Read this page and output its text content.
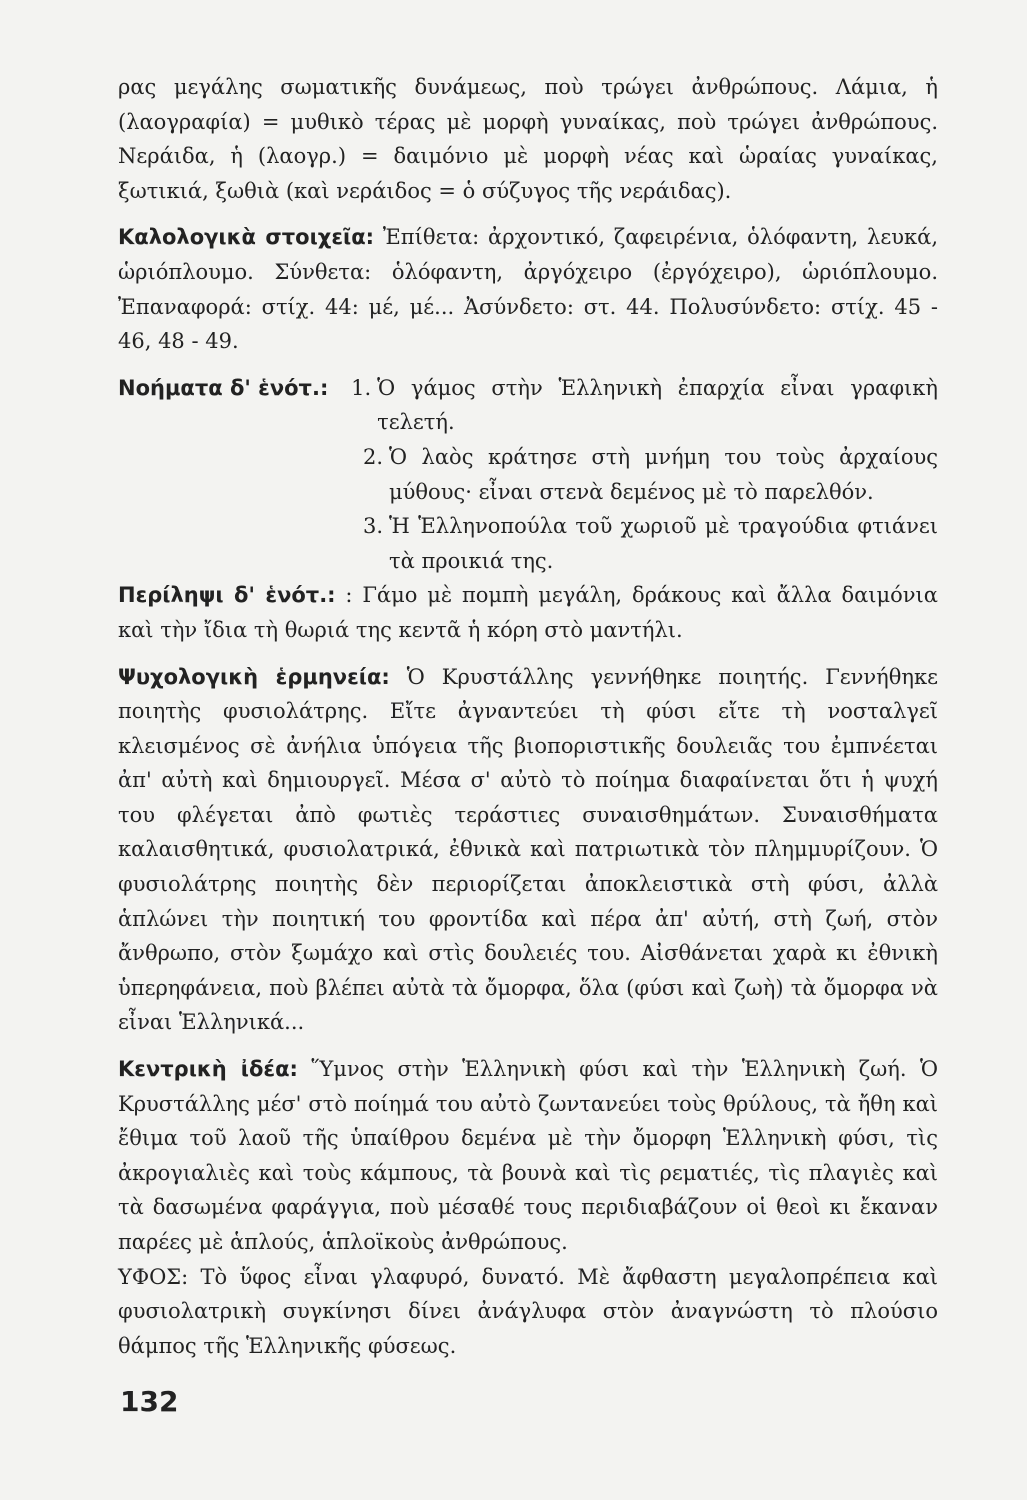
ρας μεγάλης σωματικῆς δυνάμεως, ποὺ τρώγει ἀνθρώπους. Λάμια, ἡ (λαογραφία) = μυθικὸ τέρας μὲ μορφὴ γυναίκας, ποὺ τρώγει ἀνθρώπους. Νεράιδα, ἡ (λαογρ.) = δαιμόνιο μὲ μορφὴ νέας καὶ ὡραίας γυναίκας, ξωτικιά, ξωθιὰ (καὶ νεράιδος = ὁ σύζυγος τῆς νεράιδας).

Καλολογικὰ στοιχεῖα: Ἐπίθετα: ἀρχοντικό, ζαφειρένια, ὁλόφαντη, λευκά, ὡριόπλουμο. Σύνθετα: ὁλόφαντη, ἀργόχειρο (ἐργόχειρο), ὡριόπλουμο. Ἐπαναφορά: στίχ. 44: μέ, μέ... Ἀσύνδετο: στ. 44. Πολυσύνδετο: στίχ. 45 - 46, 48 - 49.

Νοήματα δ' ἑνότ.:	1. Ὁ γάμος στὴν Ἑλληνικὴ ἐπαρχία εἶναι γραφικὴ τελετή.
2. Ὁ λαὸς κράτησε στὴ μνήμη του τοὺς ἀρχαίους μύθους· εἶναι στενὰ δεμένος μὲ τὸ παρελθόν.
3. Ἡ Ἑλληνοπούλα τοῦ χωριοῦ μὲ τραγούδια φτιάνει τὰ προικιά της.

Περίληψι δ' ἑνότ.: : Γάμο μὲ πομπὴ μεγάλη, δράκους καὶ ἄλλα δαιμόνια καὶ τὴν ἴδια τὴ θωριά της κεντᾶ ἡ κόρη στὸ μαντήλι.

Ψυχολογικὴ ἑρμηνεία: Ὁ Κρυστάλλης γεννήθηκε ποιητής. Γεννήθηκε ποιητὴς φυσιολάτρης. Εἴτε ἀγναντεύει τὴ φύσι εἴτε τὴ νοσταλγεῖ κλεισμένος σὲ ἀνήλια ὑπόγεια τῆς βιοποριστικῆς δουλειᾶς του ἐμπνέεται ἀπ' αὐτὴ καὶ δημιουργεῖ. Μέσα σ' αὐτὸ τὸ ποίημα διαφαίνεται ὅτι ἡ ψυχή του φλέγεται ἀπὸ φωτιὲς τεράστιες συναισθημάτων. Συναισθήματα καλαισθητικά, φυσιολατρικά, ἐθνικὰ καὶ πατριωτικὰ τὸν πλημμυρίζουν. Ὁ φυσιολάτρης ποιητὴς δὲν περιορίζεται ἀποκλειστικὰ στὴ φύσι, ἀλλὰ ἁπλώνει τὴν ποιητική του φροντίδα καὶ πέρα ἀπ' αὐτή, στὴ ζωή, στὸν ἄνθρωπο, στὸν ξωμάχο καὶ στὶς δουλειές του. Αἰσθάνεται χαρὰ κι ἐθνικὴ ὑπερηφάνεια, ποὺ βλέπει αὐτὰ τὰ ὄμορφα, ὅλα (φύσι καὶ ζωὴ) τὰ ὄμορφα νὰ εἶναι Ἑλληνικά...

Κεντρικὴ ἰδέα: Ὕμνος στὴν Ἑλληνικὴ φύσι καὶ τὴν Ἑλληνικὴ ζωή. Ὁ Κρυστάλλης μέσ' στὸ ποίημά του αὐτὸ ζωντανεύει τοὺς θρύλους, τὰ ἤθη καὶ ἔθιμα τοῦ λαοῦ τῆς ὑπαίθρου δεμένα μὲ τὴν ὄμορφη Ἑλληνικὴ φύσι, τὶς ἀκρογιαλιὲς καὶ τοὺς κάμπους, τὰ βουνὰ καὶ τὶς ρεματιές, τὶς πλαγιὲς καὶ τὰ δασωμένα φαράγγια, ποὺ μέσαθέ τους περιδιαβάζουν οἱ θεοὶ κι ἔκαναν παρέες μὲ ἁπλούς, ἁπλοϊκοὺς ἀνθρώπους.

ΥΦΟΣ: Τὸ ὕφος εἶναι γλαφυρό, δυνατό. Μὲ ἄφθαστη μεγαλοπρέπεια καὶ φυσιολατρικὴ συγκίνησι δίνει ἀνάγλυφα στὸν ἀναγνώστη τὸ πλούσιο θάμπος τῆς Ἑλληνικῆς φύσεως.

132
